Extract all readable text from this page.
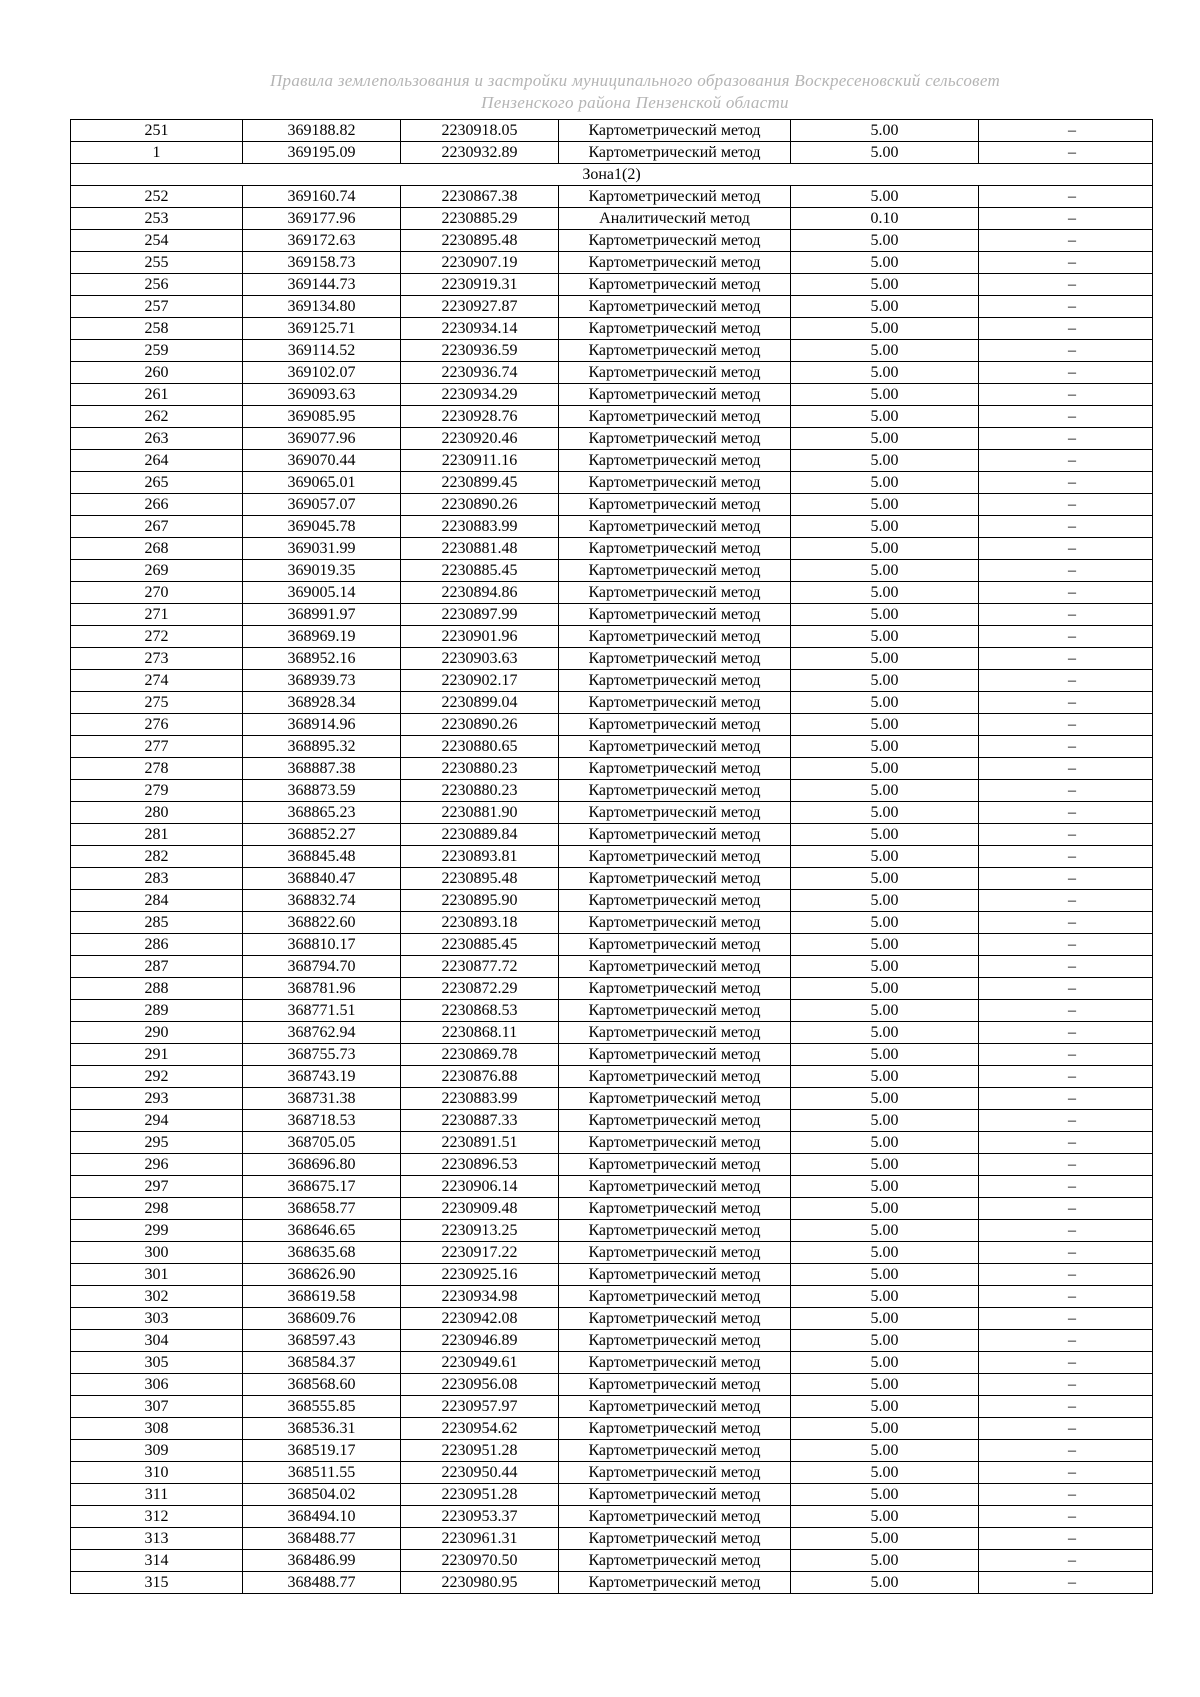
Правила землепользования и застройки муниципального образования Воскресеновский сельсовет
Пензенского района Пензенской области
251	369188.82	2230918.05	Картометрический метод	5.00	–
1	369195.09	2230932.89	Картометрический метод	5.00	–
Зона1(2)					
252	369160.74	2230867.38	Картометрический метод	5.00	–
253	369177.96	2230885.29	Аналитический метод	0.10	–
254	369172.63	2230895.48	Картометрический метод	5.00	–
255	369158.73	2230907.19	Картометрический метод	5.00	–
256	369144.73	2230919.31	Картометрический метод	5.00	–
257	369134.80	2230927.87	Картометрический метод	5.00	–
258	369125.71	2230934.14	Картометрический метод	5.00	–
259	369114.52	2230936.59	Картометрический метод	5.00	–
260	369102.07	2230936.74	Картометрический метод	5.00	–
261	369093.63	2230934.29	Картометрический метод	5.00	–
262	369085.95	2230928.76	Картометрический метод	5.00	–
263	369077.96	2230920.46	Картометрический метод	5.00	–
264	369070.44	2230911.16	Картометрический метод	5.00	–
265	369065.01	2230899.45	Картометрический метод	5.00	–
266	369057.07	2230890.26	Картометрический метод	5.00	–
267	369045.78	2230883.99	Картометрический метод	5.00	–
268	369031.99	2230881.48	Картометрический метод	5.00	–
269	369019.35	2230885.45	Картометрический метод	5.00	–
270	369005.14	2230894.86	Картометрический метод	5.00	–
271	368991.97	2230897.99	Картометрический метод	5.00	–
272	368969.19	2230901.96	Картометрический метод	5.00	–
273	368952.16	2230903.63	Картометрический метод	5.00	–
274	368939.73	2230902.17	Картометрический метод	5.00	–
275	368928.34	2230899.04	Картометрический метод	5.00	–
276	368914.96	2230890.26	Картометрический метод	5.00	–
277	368895.32	2230880.65	Картометрический метод	5.00	–
278	368887.38	2230880.23	Картометрический метод	5.00	–
279	368873.59	2230880.23	Картометрический метод	5.00	–
280	368865.23	2230881.90	Картометрический метод	5.00	–
281	368852.27	2230889.84	Картометрический метод	5.00	–
282	368845.48	2230893.81	Картометрический метод	5.00	–
283	368840.47	2230895.48	Картометрический метод	5.00	–
284	368832.74	2230895.90	Картометрический метод	5.00	–
285	368822.60	2230893.18	Картометрический метод	5.00	–
286	368810.17	2230885.45	Картометрический метод	5.00	–
287	368794.70	2230877.72	Картометрический метод	5.00	–
288	368781.96	2230872.29	Картометрический метод	5.00	–
289	368771.51	2230868.53	Картометрический метод	5.00	–
290	368762.94	2230868.11	Картометрический метод	5.00	–
291	368755.73	2230869.78	Картометрический метод	5.00	–
292	368743.19	2230876.88	Картометрический метод	5.00	–
293	368731.38	2230883.99	Картометрический метод	5.00	–
294	368718.53	2230887.33	Картометрический метод	5.00	–
295	368705.05	2230891.51	Картометрический метод	5.00	–
296	368696.80	2230896.53	Картометрический метод	5.00	–
297	368675.17	2230906.14	Картометрический метод	5.00	–
298	368658.77	2230909.48	Картометрический метод	5.00	–
299	368646.65	2230913.25	Картометрический метод	5.00	–
300	368635.68	2230917.22	Картометрический метод	5.00	–
301	368626.90	2230925.16	Картометрический метод	5.00	–
302	368619.58	2230934.98	Картометрический метод	5.00	–
303	368609.76	2230942.08	Картометрический метод	5.00	–
304	368597.43	2230946.89	Картометрический метод	5.00	–
305	368584.37	2230949.61	Картометрический метод	5.00	–
306	368568.60	2230956.08	Картометрический метод	5.00	–
307	368555.85	2230957.97	Картометрический метод	5.00	–
308	368536.31	2230954.62	Картометрический метод	5.00	–
309	368519.17	2230951.28	Картометрический метод	5.00	–
310	368511.55	2230950.44	Картометрический метод	5.00	–
311	368504.02	2230951.28	Картометрический метод	5.00	–
312	368494.10	2230953.37	Картометрический метод	5.00	–
313	368488.77	2230961.31	Картометрический метод	5.00	–
314	368486.99	2230970.50	Картометрический метод	5.00	–
315	368488.77	2230980.95	Картометрический метод	5.00	–
